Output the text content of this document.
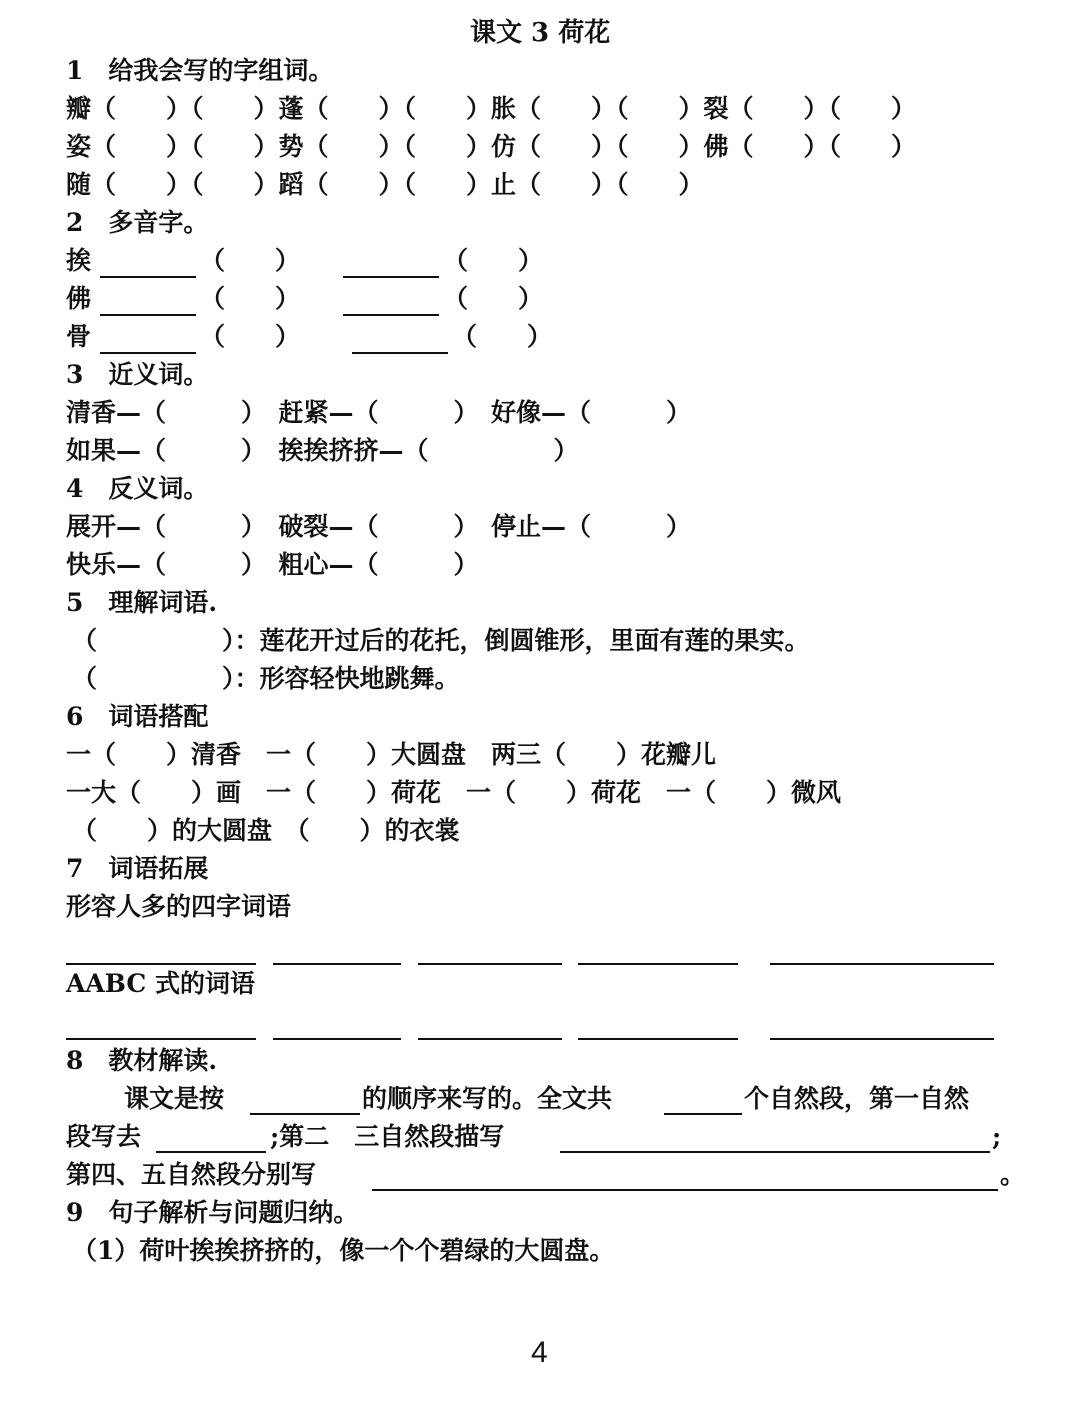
课文 3 荷花
1　给我会写的字组词。
瓣（　　）（　　）蓬（　　）（　　）胀（　　）（　　）裂（　　）（　　）
姿（　　）（　　）势（　　）（　　）仿（　　）（　　）佛（　　）（　　）
随（　　）（　　）蹈（　　）（　　）止（　　）（　　）
2　多音字。
挨	（　　）	（　　）
佛	（　　）	（　　）
骨	（　　）	（　　）
3　近义词。
清香—（　　　）　赶紧—（　　　）　好像—（　　　）
如果—（　　　）　挨挨挤挤—（　　　　　）
4　反义词。
展开—（　　　）　破裂—（　　　）　停止—（　　　）
快乐—（　　　）　粗心—（　　　）
5　理解词语.
（　　　　　）：莲花开过后的花托，倒圆锥形，里面有莲的果实。
（　　　　　）：形容轻快地跳舞。
6　词语搭配
一（　　）清香　一（　　）大圆盘　两三（　　）花瓣儿
一大（　　）画　一（　　）荷花　一（　　）荷花　一（　　）微风
（　　）的大圆盘　（　　）的衣裳
7　词语拓展
形容人多的四字词语
AABC 式的词语
8　教材解读.
课文是按	的顺序来写的。全文共	个自然段，第一自然
段写去	;第二　三自然段描写	;
第四、五自然段分别写	。
9　句子解析与问题归纳。
（1）荷叶挨挨挤挤的，像一个个碧绿的大圆盘。
4
